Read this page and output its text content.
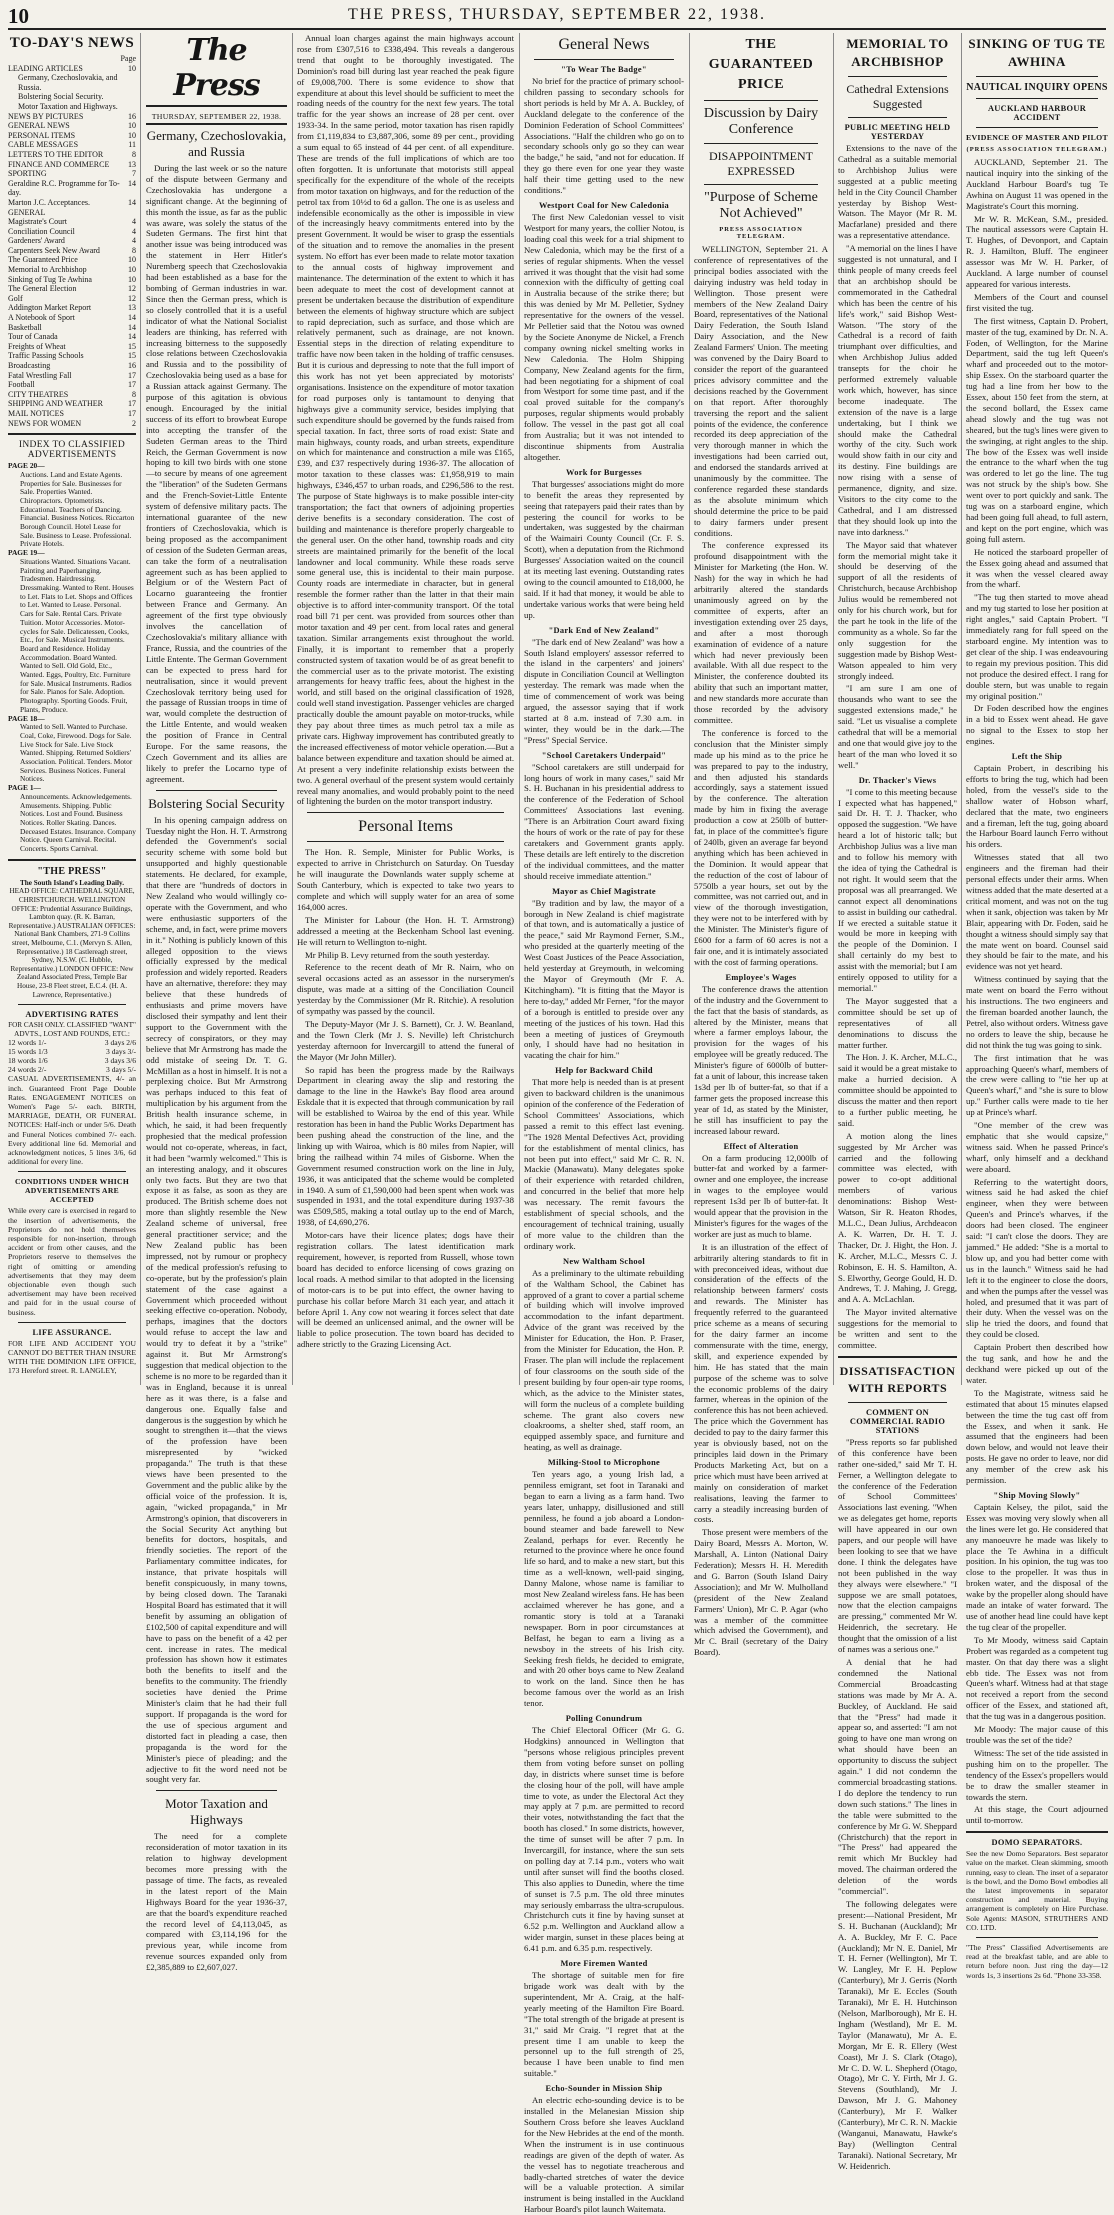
10	THE PRESS, THURSDAY, SEPTEMBER 22, 1938.
TO-DAY'S NEWS
Page
LEADING ARTICLES	10
Germany, Czechoslovakia, and Russia.
Bolstering Social Security.
Motor Taxation and Highways.
NEWS BY PICTURES	16
GENERAL NEWS	10
PERSONAL ITEMS	10
CABLE MESSAGES	11
LETTERS TO THE EDITOR	8
FINANCE AND COMMERCE 13
SPORTING	7
Geraldine R.C. Programme for To-day.
14
Marton J.C. Acceptances.	14
GENERAL
Magistrate's Court	4
Conciliation Council	4
Gardeners' Award	4
Carpenters Seek New Award	8
The Guaranteed Price	10
Memorial to Archbishop	10
Sinking of Tug Te Awhina	10
The General Election	12
Golf	12
Addington Market Report	13
A Notebook of Sport	14
Basketball	14
Tour of Canada	14
Freights of Wheat	15
Traffic Passing Schools	15
Broadcasting	16
Fatal Wrestling Fall	17
Football	17
CITY THEATRES	8
SHIPPING AND WEATHER	17
MAIL NOTICES	17
NEWS FOR WOMEN	2
INDEX TO CLASSIFIED ADVERTISEMENTS
PAGE 20—
Auctions. Land and Estate Agents. Properties for Sale. Businesses for Sale. Properties Wanted. Chiropractors. Optometrists. Educational. Teachers of Dancing. Financial. Business Notices. Riccarton Borough Council. Hotel Lease for Sale. Business to Lease. Professional. Private Hotels.
PAGE 19—
Situations Wanted. Situations Vacant. Painting and Paperhanging. Tradesmen. Hairdressing. Dressmaking. Wanted to Rent. Houses to Let. Flats to Let. Shops and Offices to Let. Wanted to Lease. Personal. Cars for Sale. Rental Cars. Private Tuition. Motor Accessories. Motor-cycles for Sale. Delicatessen, Cooks, Etc., for Sale. Musical Instruments. Board and Residence. Holiday Accommodation. Board Wanted. Wanted to Sell. Old Gold, Etc., Wanted. Eggs, Poultry, Etc. Furniture for Sale. Musical Instruments. Radios for Sale. Pianos for Sale. Adoption. Photography. Sporting Goods. Fruit, Plants, Produce.
PAGE 18—
Wanted to Sell. Wanted to Purchase. Coal, Coke, Firewood. Dogs for Sale. Live Stock for Sale. Live Stock Wanted. Shipping. Returned Soldiers' Association. Political. Tenders. Motor Services. Business Notices. Funeral Notices.
PAGE 1—
Announcements. Acknowledgements. Amusements. Shipping. Public Notices. Lost and Found. Business Notices. Roller Skating. Dances. Deceased Estates. Insurance. Company Notice. Queen Carnival. Recital. Concerts. Sports Carnival.
"THE PRESS"
The South Island's Leading Daily.
HEAD OFFICE: CATHEDRAL SQUARE, CHRISTCHURCH. WELLINGTON OFFICE: Prudential Assurance Buildings, Lambton quay. (R. K. Barran, Representative.) AUSTRALIAN OFFICES: National Bank Chambers, 271-9 Collins street, Melbourne, C.1. (Mervyn S. Allen, Representative.) 18 Castlereagh street, Sydney, N.S.W. (C. Hubble, Representative.) LONDON OFFICE: New Zealand Associated Press, Temple Bar House, 23-8 Fleet street, E.C.4. (H. A. Lawrence, Representative.)
ADVERTISING RATES
FOR CASH ONLY. CLASSIFIED "WANT" ADVTS., LOST AND FOUNDS, ETC.:
12 words 1/-	3 days 2/6
15 words 1/3	3 days 3/-
18 words 1/6	3 days 3/6
24 words 2/-	3 days 5/-
CASUAL ADVERTISEMENTS, 4/- an inch. Guaranteed Front Page Double Rates. ENGAGEMENT NOTICES on Women's Page 5/- each. BIRTH, MARRIAGE, DEATH, OR FUNERAL NOTICES: Half-inch or under 5/6. Death and Funeral Notices combined 7/- each. Every additional line 6d. Memorial and acknowledgment notices, 5 lines 3/6, 6d additional for every line.
CONDITIONS UNDER WHICH ADVERTISEMENTS ARE ACCEPTED
While every care is exercised in regard to the insertion of advertisements, the Proprietors do not hold themselves responsible for non-insertion, through accident or from other causes, and the Proprietors reserve to themselves the right of omitting or amending advertisements that they may deem objectionable even though such advertisement may have been received and paid for in the usual course of business.
LIFE ASSURANCE.
FOR LIFE AND ACCIDENT YOU CANNOT DO BETTER THAN INSURE WITH THE DOMINION LIFE OFFICE, 173 Hereford street. R. LANGLEY,
The Press
THURSDAY, SEPTEMBER 22, 1938.
Germany, Czechoslovakia, and Russia

During the last week or so the nature of the dispute between Germany and Czechoslovakia has undergone a significant change. At the beginning of this month the issue, as far as the public was aware, was solely the status of the Sudeten Germans. The first hint that another issue was being introduced was the statement in Herr Hitler's Nuremberg speech that Czechoslovakia had been established as a base for the bombing of German industries in war. Since then the German press, which is so closely controlled that it is a useful indicator of what the National Socialist leaders are thinking, has referred with increasing bitterness to the supposedly close relations between Czechoslovakia and Russia and to the possibility of Czechoslovakia being used as a base for a Russian attack against Germany. The purpose of this agitation is obvious enough. Encouraged by the initial success of its effort to browbeat Europe into accepting the transfer of the Sudeten German areas to the Third Reich, the German Government is now hoping to kill two birds with one stone—to secure by means of one agreement the "liberation" of the Sudeten Germans and the French-Soviet-Little Entente system of defensive military pacts. The international guarantee of the new frontiers of Czechoslovakia, which is being proposed as the accompaniment of cession of the Sudeten German areas, can take the form of a neutralisation agreement such as has been applied to Belgium or of the Western Pact of Locarno guaranteeing the frontier between France and Germany. An agreement of the first type obviously involves the cancellation of Czechoslovakia's military alliance with France, Russia, and the countries of the Little Entente. The German Government can be expected to press hard for neutralisation, since it would prevent Czechoslovak territory being used for the passage of Russian troops in time of war, would complete the destruction of the Little Entente, and would weaken the position of France in Central Europe. For the same reasons, the Czech Government and its allies are likely to prefer the Locarno type of agreement.

Bolstering Social Security

In his opening campaign address on Tuesday night the Hon. H. T. Armstrong defended the Government's social security scheme with some bold but unsupported and highly questionable statements. He declared, for example, that there are "hundreds of doctors in New Zealand who would willingly co-operate with the Government, and who were enthusiastic supporters of the scheme, and, in fact, were prime movers in it." Nothing is publicly known of this alleged opposition to the views officially expressed by the medical profession and widely reported. Readers have an alternative, therefore: they may believe that these hundreds of enthusiasts and prime movers have disclosed their sympathy and lent their support to the Government with the secrecy of conspirators, or they may believe that Mr Armstrong has made the odd mistake of seeing Dr. T. G. McMillan as a host in himself. It is not a perplexing choice. But Mr Armstrong was perhaps induced to this feat of multiplication by his argument from the British health insurance scheme, in which, he said, it had been frequently prophesied that the medical profession would not co-operate, whereas, in fact, it had been "warmly welcomed." This is an interesting analogy, and it obscures only two facts. But they are two that expose it as false, as soon as they are produced. The British scheme does not more than slightly resemble the New Zealand scheme of universal, free general practitioner service; and the New Zealand public has been impressed, not by rumour or prophecy of the medical profession's refusing to co-operate, but by the profession's plain statement of the case against a Government which proceeded without seeking effective co-operation. Nobody, perhaps, imagines that the doctors would refuse to accept the law and would try to defeat it by a "strike" against it. But Mr Armstrong's suggestion that medical objection to the scheme is no more to be regarded than it was in England, because it is unreal here as it was there, is a false and dangerous one. Equally false and dangerous is the suggestion by which he sought to strengthen it—that the views of the profession have been misrepresented by "wicked propaganda." The truth is that these views have been presented to the Government and the public alike by the official voice of the profession. It is, again, "wicked propaganda," in Mr Armstrong's opinion, that discoverers in the Social Security Act anything but benefits for doctors, hospitals, and friendly societies. The report of the Parliamentary committee indicates, for instance, that private hospitals will benefit conspicuously, in many towns, by being closed down. The Taranaki Hospital Board has estimated that it will benefit by assuming an obligation of £102,500 of capital expenditure and will have to pass on the benefit of a 42 per cent. increase in rates. The medical profession has shown how it estimates both the benefits to itself and the benefits to the community. The friendly societies have denied the Prime Minister's claim that he had their full support. If propaganda is the word for the use of specious argument and distorted fact in pleading a case, then propaganda is the word for the Minister's piece of pleading; and the adjective to fit the word need not be sought very far.

Motor Taxation and Highways

The need for a complete reconsideration of motor taxation in its relation to highway development becomes more pressing with the passage of time. The facts, as revealed in the latest report of the Main Highways Board for the year 1936-37, are that the board's expenditure reached the record level of £4,113,045, as compared with £3,114,196 for the previous year, while income from revenue sources expanded only from £2,385,889 to £2,607,027.

Annual loan charges against the main highways account rose from £307,516 to £338,494. This reveals a dangerous trend that ought to be thoroughly investigated. The Dominion's road bill during last year reached the peak figure of £9,008,700. There is some evidence to show that expenditure at about this level should be sufficient to meet the roading needs of the country for the next few years. The total traffic for the year shows an increase of 28 per cent. over 1933-34. In the same period, motor taxation has risen rapidly from £1,119,834 to £3,887,306, some 89 per cent., providing a sum equal to 65 instead of 44 per cent. of all expenditure. These are trends of the full implications of which are too often forgotten. It is unfortunate that motorists still appeal specifically for the expenditure of the whole of the receipts from motor taxation on highways, and for the reduction of the petrol tax from 10½d to 6d a gallon. The one is as useless and indefensible economically as the other is impossible in view of the increasingly heavy commitments entered into by the present Government. It would be wiser to grasp the essentials of the situation and to remove the anomalies in the present system. No effort has ever been made to relate motor taxation to the annual costs of highway improvement and maintenance. The determination of the extent to which it has been adequate to meet the cost of development cannot at present be undertaken because the distribution of expenditure between the elements of highway structure which are subject to rapid depreciation, such as surface, and those which are relatively permanent, such as drainage, are not known. Essential steps in the direction of relating expenditure to traffic have now been taken in the holding of traffic censuses. But it is curious and depressing to note that the full import of this work has not yet been appreciated by motorists' organisations. Insistence on the expenditure of motor taxation for road purposes only is tantamount to denying that highways give a community service, besides implying that such expenditure should be governed by the funds raised from special taxation. In fact, three sorts of road exist: State and main highways, county roads, and urban streets, expenditure on which for maintenance and construction a mile was £165, £39, and £37 respectively during 1936-37. The allocation of motor taxation to these classes was: £1,958,919 to main highways, £346,457 to urban roads, and £296,586 to the rest. The purpose of State highways is to make possible inter-city transportation; the fact that owners of adjoining properties derive benefits is a secondary consideration. The cost of building and maintenance is therefore properly chargeable to the general user. On the other hand, township roads and city streets are maintained primarily for the benefit of the local landowner and local community. While these roads serve some general use, this is incidental to their main purpose. County roads are intermediate in character, but in general resemble the former rather than the latter in that their main objective is to afford inter-community transport. Of the total road bill 71 per cent. was provided from sources other than motor taxation and 49 per cent. from local rates and general taxation. Similar arrangements exist throughout the world. Finally, it is important to remember that a properly constructed system of taxation would be of as great benefit to the commercial user as to the private motorist. The existing arrangements for heavy traffic fees, about the highest in the world, and still based on the original classification of 1928, could well stand investigation. Passenger vehicles are charged practically double the amount payable on motor-trucks, while they pay about three times as much petrol tax a mile as private cars. Highway improvement has contributed greatly to the increased effectiveness of motor vehicle operation.—But a balance between expenditure and taxation should be aimed at. At present a very indefinite relationship exists between the two. A general overhaul of the present system would certainly reveal many anomalies, and would probably point to the need of lightening the burden on the motor transport industry.

Personal Items

The Hon. R. Semple, Minister for Public Works, is expected to arrive in Christchurch on Saturday. On Tuesday he will inaugurate the Downlands water supply scheme at South Canterbury, which is expected to take two years to complete and which will supply water for an area of some 164,000 acres.

The Minister for Labour (the Hon. H. T. Armstrong) addressed a meeting at the Beckenham School last evening. He will return to Wellington to-night.

Mr Philip B. Levy returned from the south yesterday.

Reference to the recent death of Mr R. Nairn, who on several occasions acted as an assessor in the nurserymen's dispute, was made at a sitting of the Conciliation Council yesterday by the Commissioner (Mr R. Ritchie). A resolution of sympathy was passed by the council.

The Deputy-Mayor (Mr J. S. Barnett), Cr. J. W. Beanland, and the Town Clerk (Mr J. S. Neville) left Christchurch yesterday afternoon for Invercargill to attend the funeral of the Mayor (Mr John Miller).

So rapid has been the progress made by the Railways Department in clearing away the slip and restoring the damage to the line in the Hawke's Bay flood area around Eskdale that it is expected that through communication by rail will be established to Wairoa by the end of this year. While restoration has been in hand the Public Works Department has been pushing ahead the construction of the line, and the linking up with Wairoa, which is 80 miles from Napier, will bring the railhead within 74 miles of Gisborne. When the Government resumed construction work on the line in July, 1936, it was anticipated that the scheme would be completed in 1940. A sum of £1,590,000 had been spent when work was suspended in 1931, and the total expenditure during 1937-38 was £509,585, making a total outlay up to the end of March, 1938, of £4,690,276.

Motor-cars have their licence plates; dogs have their registration collars. The latest identification mark requirement, however, is reported from Russell, whose town board has decided to enforce licensing of cows grazing on local roads. A method similar to that adopted in the licensing of motor-cars is to be put into effect, the owner having to purchase his collar before March 31 each year, and attach it before April 1. Any cow not wearing it forces select that date will be deemed an unlicensed animal, and the owner will be liable to police prosecution. The town board has decided to adhere strictly to the Grazing Licensing Act.

General News
"To Wear The Badge"

No brief for the practice of primary school-children passing to secondary schools for short periods is held by Mr A. A. Buckley, of Auckland delegate to the conference of the Dominion Federation of School Committees' Associations. "Half the children who go on to secondary schools only go so they can wear the badge," he said, "and not for education. If they go there even for one year they waste half their time getting used to the new conditions."

Westport Coal for New Caledonia

The first New Caledonian vessel to visit Westport for many years, the collier Notou, is loading coal this week for a trial shipment to New Caledonia, which may be the first of a series of regular shipments. When the vessel arrived it was thought that the visit had some connexion with the difficulty of getting coal in Australia because of the strike there; but this was denied by Mr M. Pelletier, Sydney representative for the owners of the vessel. Mr Pelletier said that the Notou was owned by the Societe Anonyme de Nickel, a French company owning nickel smelting works in New Caledonia. The Holm Shipping Company, New Zealand agents for the firm, had been negotiating for a shipment of coal from Westport for some time past, and if the coal proved suitable for the company's purposes, regular shipments would probably follow. The vessel in the past got all coal from Australia; but it was not intended to discontinue shipments from Australia altogether.

Work for Burgesses

That burgesses' associations might do more to benefit the areas they represented by seeing that ratepayers paid their rates than by pestering the council for works to be undertaken, was suggested by the chairman of the Waimairi County Council (Cr. F. S. Scott), when a deputation from the Richmond Burgesses' Association waited on the council at its meeting last evening. Outstanding rates owing to the council amounted to £18,000, he said. If it had that money, it would be able to undertake various works that were being held up.

"Dark End of New Zealand"

"The dark end of New Zealand" was how a South Island employers' assessor referred to the island in the carpenters' and joiners' dispute in Conciliation Council at Wellington yesterday. The remark was made when the time of commencement of work was being argued, the assessor saying that if work started at 8 a.m. instead of 7.30 a.m. in winter, they would be in the dark.—The "Press" Special Service.

"School Caretakers Underpaid"

"School caretakers are still underpaid for long hours of work in many cases," said Mr S. H. Buchanan in his presidential address to the conference of the Federation of School Committees' Associations last evening. "There is an Arbitration Court award fixing the hours of work or the rate of pay for these caretakers and Government grants apply. These details are left entirely to the discretion of the individual committees, and the matter should receive immediate attention."

Mayor as Chief Magistrate

"By tradition and by law, the mayor of a borough in New Zealand is chief magistrate of that town, and is automatically a justice of the peace," said Mr Raymond Ferner, S.M., who presided at the quarterly meeting of the West Coast Justices of the Peace Association, held yesterday at Greymouth, in welcoming the Mayor of Greymouth (Mr F. A. Kitchingham). "It is fitting that the Mayor is here to-day," added Mr Ferner, "for the mayor of a borough is entitled to preside over any meeting of the justices of his town. Had this been a meeting of justices of Greymouth only, I should have had no hesitation in vacating the chair for him."

Help for Backward Child

That more help is needed than is at present given to backward children is the unanimous opinion of the conference of the Federation of School Committees' Associations, which passed a remit to this effect last evening. "The 1928 Mental Defectives Act, providing for the establishment of mental clinics, has not been put into effect," said Mr C. R. N. Mackie (Manawatu). Many delegates spoke of their experience with retarded children, and concurred in the belief that more help was necessary. The remit favours the establishment of special schools, and the encouragement of technical training, usually of more value to the children than the ordinary work.

New Waltham School

As a preliminary to the ultimate rebuilding of the Waltham School, the Cabinet has approved of a grant to cover a partial scheme of building which will involve improved accommodation to the infant department. Advice of the grant was received by the Minister for Education, the Hon. P. Fraser, from the Minister for Education, the Hon. P. Fraser. The plan will include the replacement of four classrooms on the south side of the present building by four open-air type rooms, which, as the advice to the Minister states, will form the nucleus of a complete building scheme. The grant also covers new cloakrooms, a shelter shed, staff room, an equipped assembly space, and furniture and heating, as well as drainage.

Milking-Stool to Microphone

Ten years ago, a young Irish lad, a penniless emigrant, set foot in Taranaki and began to earn a living as a farm hand. Two years later, unhappy, disillusioned and still penniless, he found a job aboard a London-bound steamer and bade farewell to New Zealand, perhaps for ever. Recently he returned to the province where he once found life so hard, and to make a new start, but this time as a well-known, well-paid singing, Danny Malone, whose name is familiar to most New Zealand wireless fans. He has been acclaimed wherever he has gone, and a romantic story is told at a Taranaki newspaper. Born in poor circumstances at Belfast, he began to earn a living as a newsboy in the streets of his Irish city. Seeking fresh fields, he decided to emigrate, and with 20 other boys came to New Zealand to work on the land. Since then he has become famous over the world as an Irish tenor.

Polling Conundrum

The Chief Electoral Officer (Mr G. G. Hodgkins) announced in Wellington that "persons whose religious principles prevent them from voting before sunset on polling day, in districts where sunset time is before the closing hour of the poll, will have ample time to vote, as under the Electoral Act they may apply at 7 p.m. are permitted to record their votes, notwithstanding the fact that the booth has closed." In some districts, however, the time of sunset will be after 7 p.m. In Invercargill, for instance, where the sun sets on polling day at 7.14 p.m., voters who wait until after sunset will find the booths closed. This also applies to Dunedin, where the time of sunset is 7.5 p.m. The old three minutes may seriously embarrass the ultra-scrupulous. Christchurch cuts it fine by having sunset at 6.52 p.m. Wellington and Auckland allow a wider margin, sunset in these places being at 6.41 p.m. and 6.35 p.m. respectively.

More Firemen Wanted

The shortage of suitable men for fire brigade work was dealt with by the superintendent, Mr A. Craig, at the half-yearly meeting of the Hamilton Fire Board. "The total strength of the brigade at present is 31," said Mr Craig. "I regret that at the present time I am unable to keep the personnel up to the full strength of 25, because I have been unable to find men suitable."

Echo-Sounder in Mission Ship

An electric echo-sounding device is to be installed in the Melanesian Mission ship Southern Cross before she leaves Auckland for the New Hebrides at the end of the month. When the instrument is in use continuous readings are given of the depth of water. As the vessel has to negotiate treacherous and badly-charted stretches of water the device will be a valuable protection. A similar instrument is being installed in the Auckland Harbour Board's pilot launch Waitemata.

THE GUARANTEED PRICE
Discussion by Dairy Conference
DISAPPOINTMENT EXPRESSED
"Purpose of Scheme Not Achieved"
PRESS ASSOCIATION TELEGRAM.

WELLINGTON, September 21. A conference of representatives of the principal bodies associated with the dairying industry was held today in Wellington. Those present were members of the New Zealand Dairy Board, representatives of the National Dairy Federation, the South Island Dairy Association, and the New Zealand Farmers' Union. The meeting was convened by the Dairy Board to consider the report of the guaranteed prices advisory committee and the decisions reached by the Government on that report. After thoroughly traversing the report and the salient points of the evidence, the conference recorded its deep appreciation of the very thorough manner in which the investigations had been carried out, and endorsed the standards arrived at unanimously by the committee. The conference regarded these standards as the absolute minimum which should determine the price to be paid to dairy farmers under present conditions.

The conference expressed its profound disappointment with the Minister for Marketing (the Hon. W. Nash) for the way in which he had arbitrarily altered the standards unanimously agreed on by the committee of experts, after an investigation extending over 25 days, and after a most thorough examination of evidence of a nature which had never previously been available. With all due respect to the Minister, the conference doubted its ability that such an important matter, and new standards more accurate than those recorded by the advisory committee.

The conference is forced to the conclusion that the Minister simply made up his mind as to the price he was prepared to pay to the industry, and then adjusted his standards accordingly, says a statement issued by the conference. The alteration made by him in fixing the average production a cow at 250lb of butter-fat, in place of the committee's figure of 240lb, given an average far beyond anything which has been achieved in the Dominion. It would appear that the reduction of the cost of labour of 5750lb a year hours, set out by the committee, was not carried out, and in view of the thorough investigation, they were not to be interfered with by the Minister. The Minister's figure of £600 for a farm of 60 acres is not a fair one, and it is intimately associated with the cost of farming operations.

Employee's Wages

The conference draws the attention of the industry and the Government to the fact that the basis of standards, as altered by the Minister, means that where a farmer employs labour, the provision for the wages of his employee will be greatly reduced. The Minister's figure of 6000lb of butter-fat a unit of labour, this increase taken 1s3d per lb of butter-fat, so that if a farmer gets the proposed increase this year of 1d, as stated by the Minister, he still has insufficient to pay the increased labour reward.

Effect of Alteration

On a farm producing 12,000lb of butter-fat and worked by a farmer-owner and one employee, the increase in wages to the employee would represent 1s3d per lb of butter-fat. It would appear that the provision in the Minister's figures for the wages of the worker are just as much to blame.

It is an illustration of the effect of arbitrarily altering standards to fit in with preconceived ideas, without due consideration of the effects of the relationship between farmers' costs and rewards. The Minister has frequently referred to the guaranteed price scheme as a means of securing for the dairy farmer an income commensurate with the time, energy, skill, and experience expended by him. He has stated that the main purpose of the scheme was to solve the economic problems of the dairy farmer, whereas in the opinion of the conference this has not been achieved. The price which the Government has decided to pay to the dairy farmer this year is obviously based, not on the principles laid down in the Primary Products Marketing Act, but on a price which must have been arrived at mainly on consideration of market realisations, leaving the farmer to carry a steadily increasing burden of costs.

Those present were members of the Dairy Board, Messrs A. Morton, W. Marshall, A. Linton (National Dairy Federation); Messrs H. H. Meredith and G. Barron (South Island Dairy Association); and Mr W. Mulholland (president of the New Zealand Farmers' Union), Mr C. P. Agar (who was a member of the committee which advised the Government), and Mr C. Brail (secretary of the Dairy Board).

MEMORIAL TO ARCHBISHOP
Cathedral Extensions Suggested
PUBLIC MEETING HELD YESTERDAY

Extensions to the nave of the Cathedral as a suitable memorial to Archbishop Julius were suggested at a public meeting held in the City Council Chamber yesterday by Bishop West-Watson. The Mayor (Mr R. M. Macfarlane) presided and there was a representative attendance.

"A memorial on the lines I have suggested is not unnatural, and I think people of many creeds feel that an archbishop should be commemorated in the Cathedral which has been the centre of his life's work," said Bishop West-Watson. "The story of the Cathedral is a record of faith triumphant over difficulties, and when Archbishop Julius added transepts for the choir he performed extremely valuable work which, however, has since become inadequate. The extension of the nave is a large undertaking, but I think we should make the Cathedral worthy of the city. Such work would show faith in our city and its destiny. Fine buildings are now rising with a sense of permanence, dignity, and size. Visitors to the city come to the Cathedral, and I am distressed that they should look up into the nave into darkness."

The Mayor said that whatever form the memorial might take it should be deserving of the support of all the residents of Christchurch, because Archbishop Julius would be remembered not only for his church work, but for the part he took in the life of the community as a whole. So far the only suggestion for the suggestion made by Bishop West-Watson appealed to him very strongly indeed.

"I am sure I am one of thousands who want to see the suggested extensions made," he said. "Let us visualise a complete cathedral that will be a memorial and one that would give joy to the heart of the man who loved it so well."

Dr. Thacker's Views

"I come to this meeting because I expected what has happened," said Dr. H. T. J. Thacker, who opposed the suggestion. "We have heard a lot of historic talk; but Archbishop Julius was a live man and to follow his memory with the idea of tying the Cathedral is not right. It would seem that the proposal was all prearranged. We cannot expect all denominations to assist in building our cathedral. If we erected a suitable statue it would be more in keeping with the people of the Dominion. I shall certainly do my best to assist with the memorial; but I am entirely opposed to utility for a memorial."

The Mayor suggested that a committee should be set up of representatives of all denominations to discuss the matter further.

The Hon. J. K. Archer, M.L.C., said it would be a great mistake to make a hurried decision. A committee should be appointed to discuss the matter and then report to a further public meeting, he said.

A motion along the lines suggested by Mr Archer was carried and the following committee was elected, with power to co-opt additional members of various denominations: Bishop West-Watson, Sir R. Heaton Rhodes, M.L.C., Dean Julius, Archdeacon A. K. Warren, Dr. H. T. J. Thacker, Dr. J. Hight, the Hon. J. K. Archer, M.L.C., Messrs C. J. Robinson, E. H. S. Hamilton, A. S. Elworthy, George Gould, H. D. Andrews, T. J. Mahing, J. Gregg, and A. A. McLachlan.

The Mayor invited alternative suggestions for the memorial to be written and sent to the committee.

DISSATISFACTION WITH REPORTS
COMMENT ON COMMERCIAL RADIO STATIONS

"Press reports so far published of this conference have been rather one-sided," said Mr T. H. Ferner, a Wellington delegate to the conference of the Federation of School Committees' Associations last evening. "When we as delegates get home, reports will have appeared in our own papers, and our people will have been looking to see that we have done. I think the delegates have not been published in the way they always were elsewhere." "I suppose we are small potatoes, now that the election campaigns are pressing," commented Mr W. Heidenrich, the secretary. He thought that the omission of a list of names was a serious one."

A denial that he had condemned the National Commercial Broadcasting stations was made by Mr A. A. Buckley, of Auckland. He said that the "Press" had made it appear so, and asserted: "I am not going to have one man wrong on what should have been an opportunity to discuss the subject again." I did not condemn the commercial broadcasting stations. I do deplore the tendency to run down such stations." The lines in the table were submitted to the conference by Mr G. W. Sheppard (Christchurch) that the report in "The Press" had appeared the remit which Mr Buckley had moved. The chairman ordered the deletion of the words "commercial".

The following delegates were present:—National President, Mr S. H. Buchanan (Auckland); Mr A. A. Buckley, Mr F. C. Pace (Auckland); Mr N. E. Daniel, Mr T. H. Ferner (Wellington), Mr T. W. Langley, Mr F. H. Peplow (Canterbury), Mr J. Gerris (North Taranaki), Mr E. Eccles (South Taranaki), Mr E. H. Hutchinson (Nelson, Marlborough), Mr E. H. Ingham (Westland), Mr E. M. Taylor (Manawatu), Mr A. E. Morgan, Mr E. R. Ellery (West Coast), Mr J. S. Clark (Otago), Mr C. D. W. L. Shepherd (Otago, Otago), Mr C. Y. Firth, Mr J. G. Stevens (Southland), Mr J. Dawson, Mr J. G. Mahoney (Canterbury), Mr F. Walker (Canterbury), Mr C. R. N. Mackie (Wanganui, Manawatu, Hawke's Bay) (Wellington Central Taranaki). National Secretary, Mr W. Heidenrich.

SINKING OF TUG TE AWHINA
NAUTICAL INQUIRY OPENS
AUCKLAND HARBOUR ACCIDENT
EVIDENCE OF MASTER AND PILOT
(PRESS ASSOCIATION TELEGRAM.)

AUCKLAND, September 21. The nautical inquiry into the sinking of the Auckland Harbour Board's tug Te Awhina on August 11 was opened in the Magistrate's Court this morning.

Mr W. R. McKean, S.M., presided. The nautical assessors were Captain H. T. Hughes, of Devonport, and Captain R. J. Hamilton, Bluff. The engineer assessor was Mr W. H. Parker, of Auckland. A large number of counsel appeared for various interests.

Members of the Court and counsel first visited the tug.

The first witness, Captain D. Probert, master of the tug, examined by Dr. N. A. Foden, of Wellington, for the Marine Department, said the tug left Queen's wharf and proceeded out to the motor-ship Essex. On the starboard quarter the tug had a line from her bow to the Essex, about 150 feet from the stern, at the second bollard, the Essex came ahead slowly and the tug was not sheared, but the tug's lines were given to the swinging, at right angles to the ship. The bow of the Essex was well inside the entrance to the wharf when the tug was ordered to let go the line. The tug was not struck by the ship's bow. She went over to port quickly and sank. The tug was on a starboard engine, which had been going full ahead, to full astern, and kept on the port engine, which was going full astern.

He noticed the starboard propeller of the Essex going ahead and assumed that it was when the vessel cleared away from the wharf.

"The tug then started to move ahead and my tug started to lose her position at right angles," said Captain Probert. "I immediately rang for full speed on the starboard engine. My intention was to get clear of the ship. I was endeavouring to regain my previous position. This did not produce the desired effect. I rang for double stern, but was unable to regain my original position."

Dr Foden described how the engines in a bid to Essex went ahead. He gave no signal to the Essex to stop her engines.

Left the Ship

Captain Probert, in describing his efforts to bring the tug, which had been holed, from the vessel's side to the shallow water of Hobson wharf, declared that the mate, two engineers and a fireman, left the tug, going aboard the Harbour Board launch Ferro without his orders.

Witnesses stated that all two engineers and the fireman had their personal effects under their arms. When witness added that the mate deserted at a critical moment, and was not on the tug when it sank, objection was taken by Mr Blair, appearing with Dr. Foden, said he thought a witness should simply say that the mate went on board. Counsel said they should be fair to the mate, and his evidence was not yet heard.

Witness continued by saying that the mate went on board the Ferro without his instructions. The two engineers and the fireman boarded another launch, the Petrel, also without orders. Witness gave no orders to leave the ship, because he did not think the tug was going to sink.

The first intimation that he was approaching Queen's wharf, members of the crew were calling to "tie her up at Queen's wharf," and "she is sure to blow up." Further calls were made to tie her up at Prince's wharf.

"One member of the crew was emphatic that she would capsize," witness said. When he passed Prince's wharf, only himself and a deckhand were aboard.

Referring to the watertight doors, witness said he had asked the chief engineer, when they were between Queen's and Prince's wharves, if the doors had been closed. The engineer said: "I can't close the doors. They are jammed." He added: "She is a mortal to blow up, and you had better come with us in the launch." Witness said he had left it to the engineer to close the doors, and when the pumps after the vessel was holed, and presumed that it was part of their duty. When the vessel was on the slip he tried the doors, and found that they could be closed.

Captain Probert then described how the tug sank, and how he and the deckhand were picked up out of the water.

To the Magistrate, witness said he estimated that about 15 minutes elapsed between the time the tug cast off from the Essex, and when it sank. He assumed that the engineers had been down below, and would not leave their posts. He gave no order to leave, nor did any member of the crew ask his permission.

"Ship Moving Slowly"

Captain Kelsey, the pilot, said the Essex was moving very slowly when all the lines were let go. He considered that any manoeuvre he made was likely to place the Te Awhina in a difficult position. In his opinion, the tug was too close to the propeller. It was thus in broken water, and the disposal of the wake by the propeller along should have made an intake of water forward. The use of another head line could have kept the tug clear of the propeller.

To Mr Moody, witness said Captain Probert was regarded as a competent tug master. On that day there was a slight ebb tide. The Essex was not from Queen's wharf. Witness had at that stage not received a report from the second officer of the Essex, and stationed aft, that the tug was in a dangerous position.

Mr Moody: The major cause of this trouble was the set of the tide?

Witness: The set of the tide assisted in pushing him on to the propeller. The tendency of the Essex's propellers would be to draw the smaller steamer in towards the stern.

At this stage, the Court adjourned until to-morrow.

DOMO SEPARATORS.
See the new Domo Separators. Best separator value on the market. Clean skimming, smooth running, easy to clean. The inset of a separator is the bowl, and the Domo Bowl embodies all the latest improvements in separator construction and material. Buying arrangement is completely on Hire Purchase. Sole Agents: MASON, STRUTHERS AND CO. LTD.
"The Press" Classified Advertisements are read at the breakfast table, and are able to return before noon. Just ring the day—12 words 1s, 3 insertions 2s 6d. "Phone 33-358.
